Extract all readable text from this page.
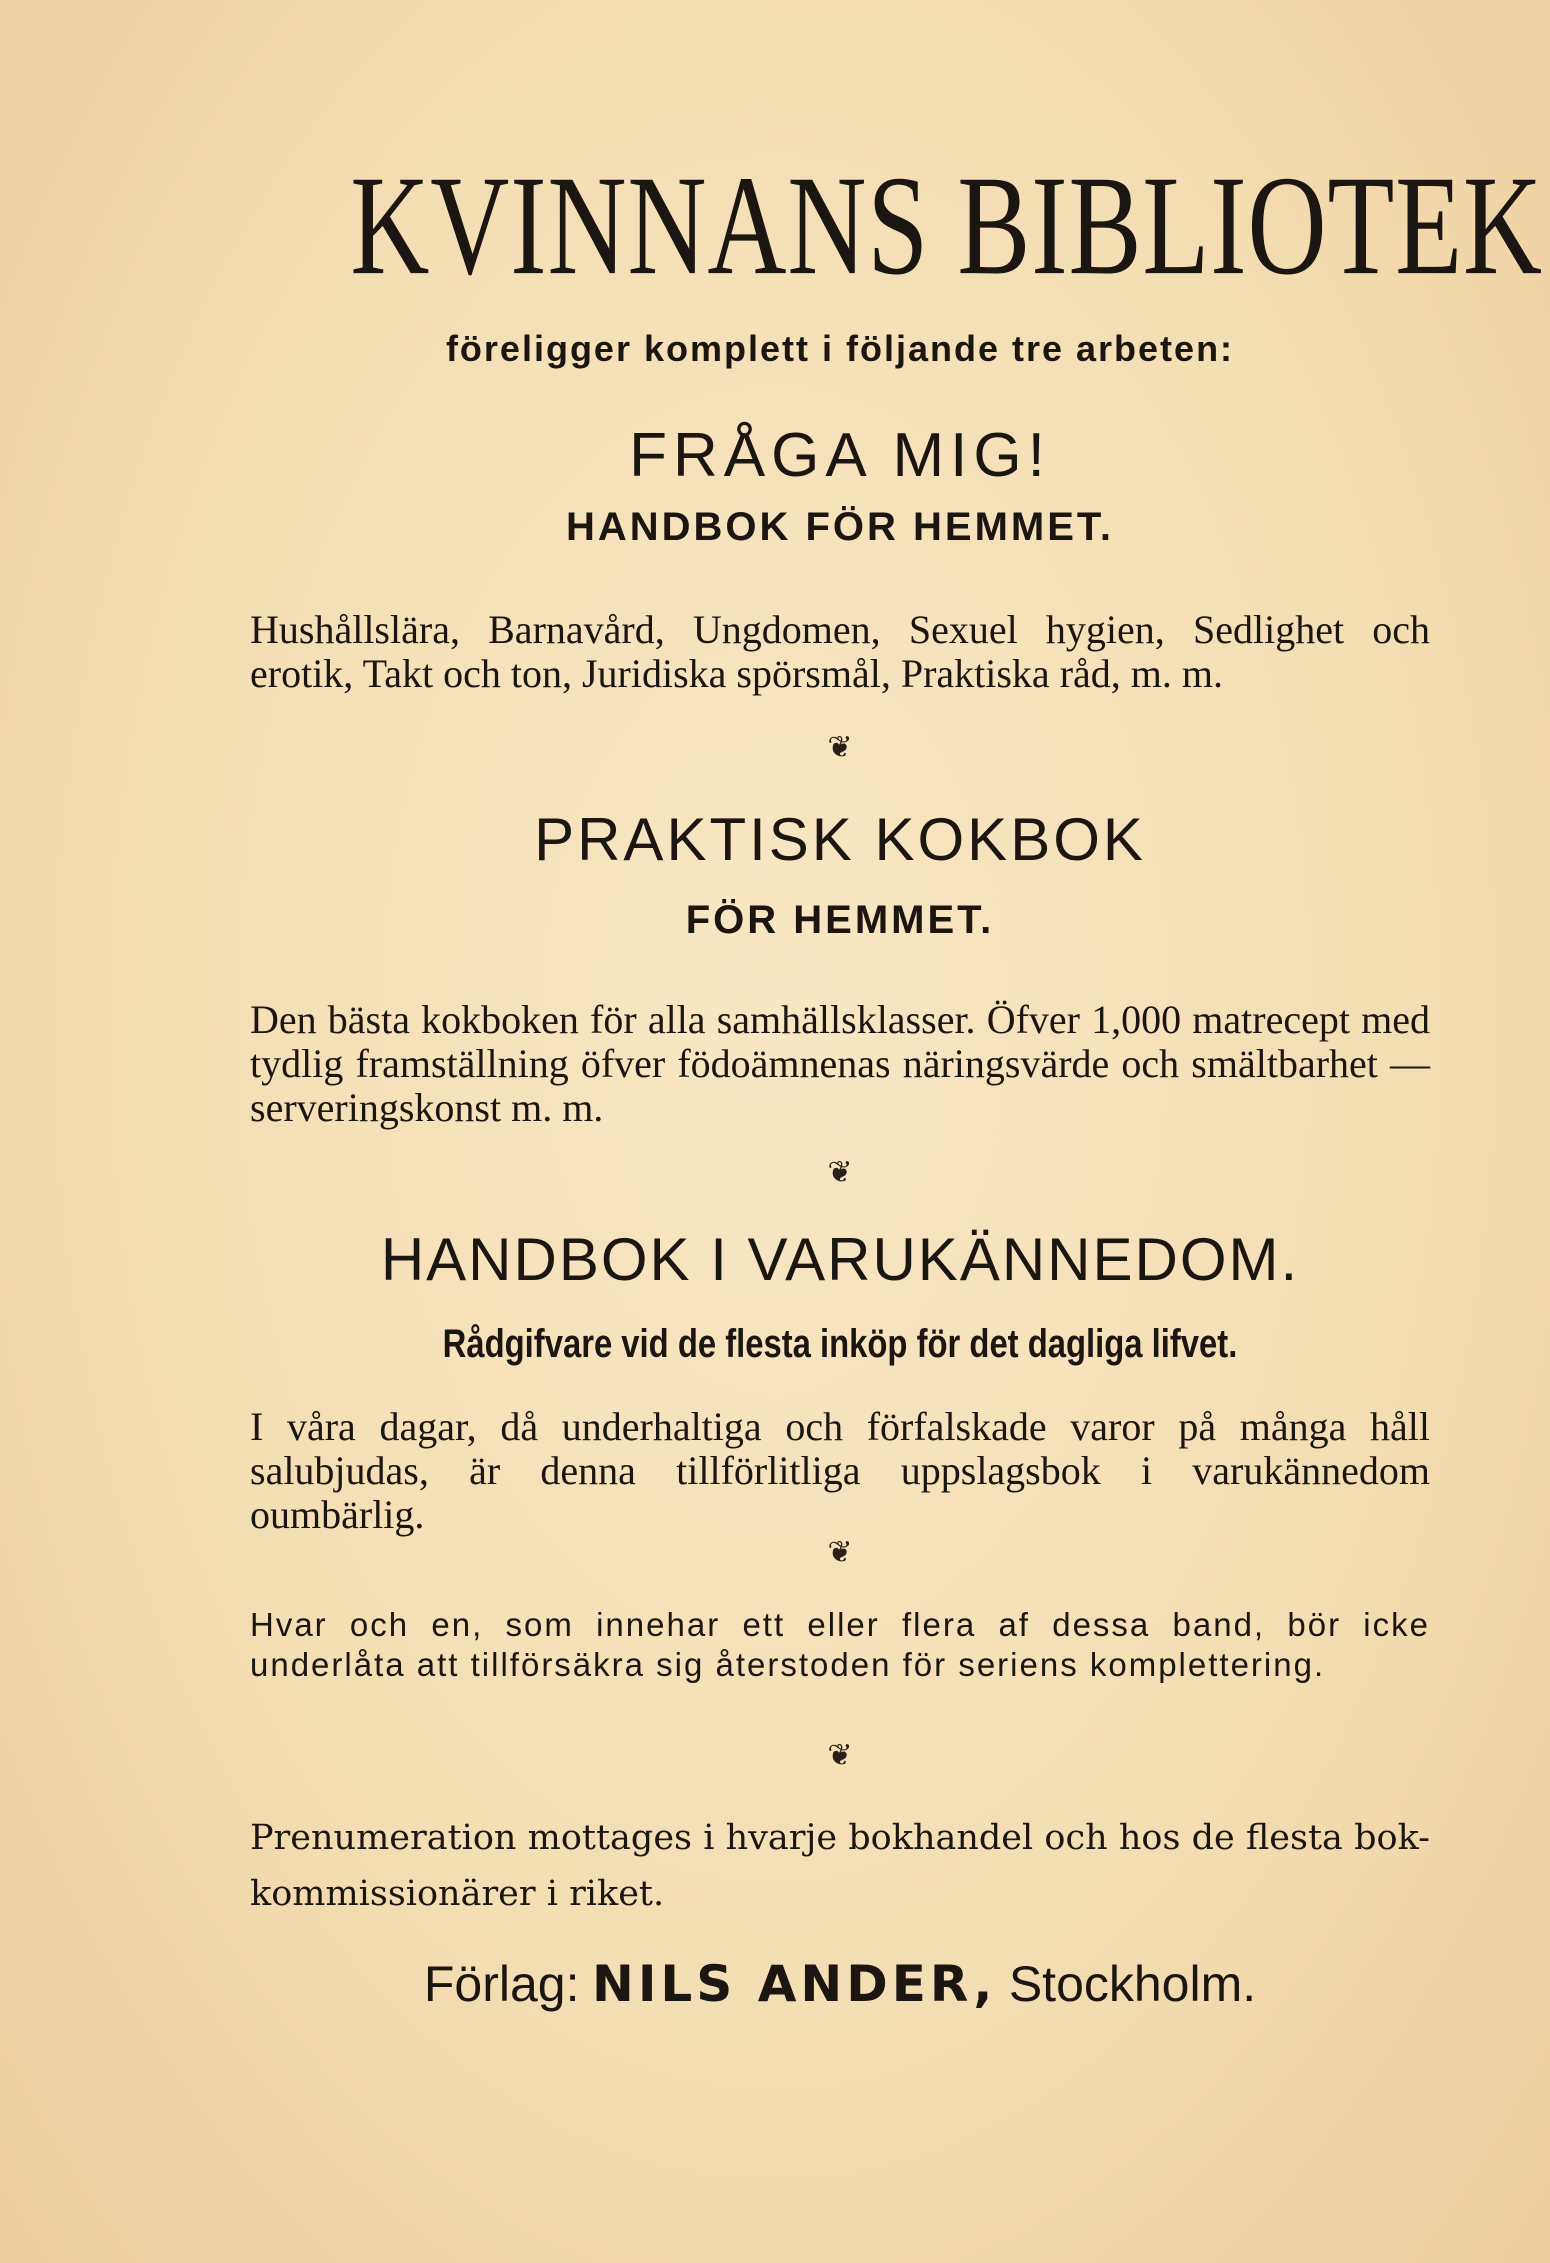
KVINNANS BIBLIOTEK
föreligger komplett i följande tre arbeten:
FRÅGA MIG!
HANDBOK FÖR HEMMET.
Hushållslära, Barnavård, Ungdomen, Sexuel hygien, Sedlighet och erotik, Takt och ton, Juridiska spörsmål, Praktiska råd, m. m.
❦
PRAKTISK KOKBOK
FÖR HEMMET.
Den bästa kokboken för alla samhällsklasser. Öfver 1,000 matrecept med tydlig framställning öfver födoämnenas näringsvärde och smältbarhet — serveringskonst m. m.
❦
HANDBOK I VARUKÄNNEDOM.
Rådgifvare vid de flesta inköp för det dagliga lifvet.
I våra dagar, då underhaltiga och förfalskade varor på många håll salubjudas, är denna tillförlitliga uppslagsbok i varukännedom oumbärlig.
❦
Hvar och en, som innehar ett eller flera af dessa band, bör icke underlåta att tillförsäkra sig återstoden för seriens komplettering.
❦
Prenumeration mottages i hvarje bokhandel och hos de flesta bok-kommissionärer i riket.
Förlag: NILS ANDER, Stockholm.
